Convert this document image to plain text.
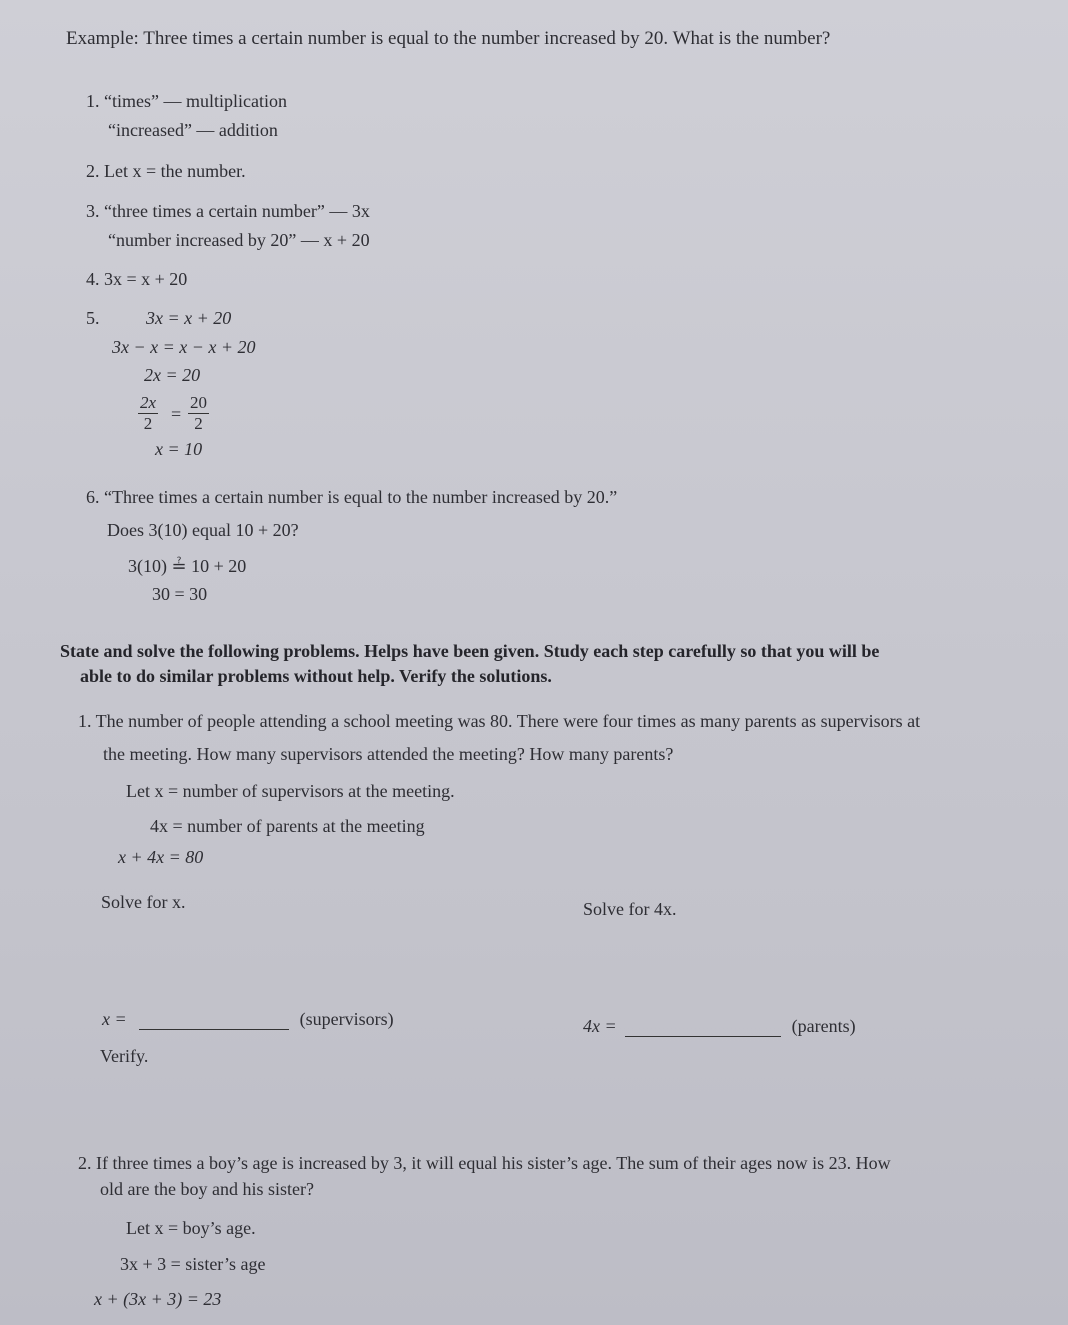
Example: Three times a certain number is equal to the number increased by 20. What is the number?
1. “times” — multiplication
“increased” — addition
2. Let x = the number.
3. “three times a certain number” — 3x
“number increased by 20” — x + 20
4. 3x = x + 20
5.	3x = x + 20
3x − x = x − x + 20
2x = 20
$\frac{2x}{2} = \frac{20}{2}$
x = 10
6. “Three times a certain number is equal to the number increased by 20.”
Does 3(10) equal 10 + 20?
3(10) ≟ 10 + 20
30 = 30
State and solve the following problems. Helps have been given. Study each step carefully so that you will be
able to do similar problems without help. Verify the solutions.
1. The number of people attending a school meeting was 80. There were four times as many parents as supervisors at
the meeting. How many supervisors attended the meeting? How many parents?
Let x = number of supervisors at the meeting.
4x = number of parents at the meeting
x + 4x = 80
Solve for x.	Solve for 4x.
x =	(supervisors)	4x =	(parents)
Verify.
2. If three times a boy’s age is increased by 3, it will equal his sister’s age. The sum of their ages now is 23. How
old are the boy and his sister?
Let x = boy’s age.
3x + 3 = sister’s age
x + (3x + 3) = 23
